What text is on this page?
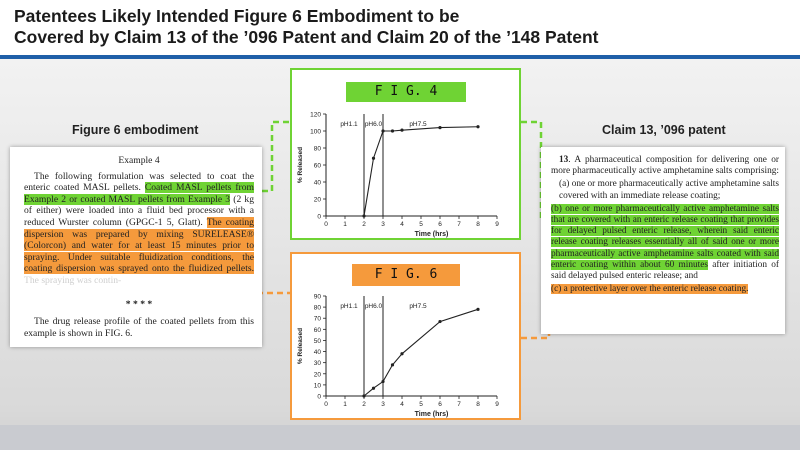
Patentees Likely Intended Figure 6 Embodiment to be
Covered by Claim 13 of the ’096 Patent and Claim 20 of the ’148 Patent
Figure 6 embodiment

Example 4

The following formulation was selected to coat the enteric coated MASL pellets. Coated MASL pellets from Example 2 or coated MASL pellets from Example 3 (2 kg of either) were loaded into a fluid bed processor with a reduced Wurster column (GPGC-1 5, Glatt). The coating dispersion was prepared by mixing SURELEASE® (Colorcon) and water for at least 15 minutes prior to spraying. Under suitable fluidization conditions, the coating dispersion was sprayed onto the fluidized pellets. The spraying was contin-

* * * *

The drug release profile of the coated pellets from this example is shown in FIG. 6.

Claim 13, ’096 patent

13. A pharmaceutical composition for delivering one or more pharmaceutically active amphetamine salts comprising:

(a) one or more pharmaceutically active amphetamine salts covered with an immediate release coating;

(b) one or more pharmaceutically active amphetamine salts that are covered with an enteric release coating that provides for delayed pulsed enteric release, wherein said enteric release coating releases essentially all of said one or more pharmaceutically active amphetamine salts coated with said enteric coating within about 60 minutes after initiation of said delayed pulsed enteric release; and

(c) a protective layer over the enteric release coating.

F I G. 4
0
20
40
60
80
100
120
0 1 2 3 4 5 6 7 8 9
Time (hrs)
% Released
pH1.1 pH6.0	pH7.5
F I G. 6
0
10
20
30
40
50
60
70
80
90
0 1 2 3 4 5 6 7 8 9
Time (hrs)
% Released
pH1.1 pH6.0	pH7.5
